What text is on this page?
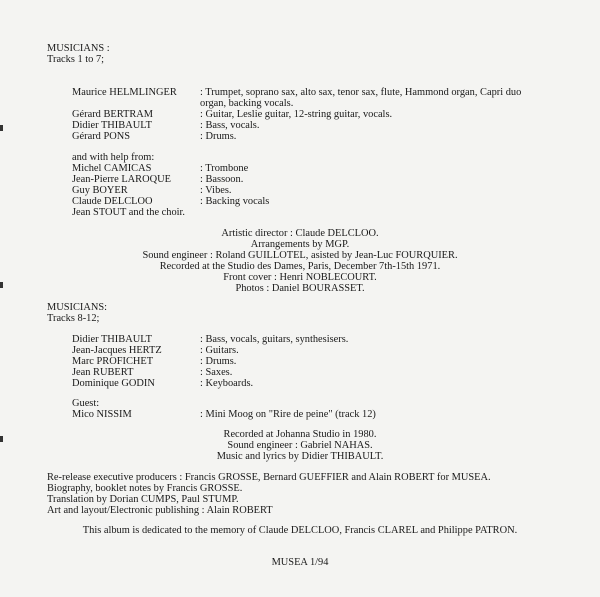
MUSICIANS :
Tracks 1 to 7;
Maurice HELMLINGER : Trumpet, soprano sax, alto sax, tenor sax, flute, Hammond organ, Capri duo organ, backing vocals.
Gérard BERTRAM	: Guitar, Leslie guitar, 12-string guitar, vocals.
Didier THIBAULT	: Bass, vocals.
Gérard PONS	: Drums.
and with help from:
Michel CAMICAS	: Trombone
Jean-Pierre LAROQUE	: Bassoon.
Guy BOYER	: Vibes.
Claude DELCLOO	: Backing vocals
Jean STOUT and the choir.
Artistic director : Claude DELCLOO.
Arrangements by MGP.
Sound engineer : Roland GUILLOTEL, asisted by Jean-Luc FOURQUIER.
Recorded at the Studio des Dames, Paris, December 7th-15th 1971.
Front cover : Henri NOBLECOURT.
Photos : Daniel BOURASSET.
MUSICIANS:
Tracks 8-12;
Didier THIBAULT	: Bass, vocals, guitars, synthesisers.
Jean-Jacques HERTZ	: Guitars.
Marc PROFICHET	: Drums.
Jean RUBERT	: Saxes.
Dominique GODIN	: Keyboards.
Guest:
Mico NISSIM	: Mini Moog on "Rire de peine" (track 12)
Recorded at Johanna Studio in 1980.
Sound engineer : Gabriel NAHAS.
Music and lyrics by Didier THIBAULT.
Re-release executive producers : Francis GROSSE, Bernard GUEFFIER and Alain ROBERT for MUSEA.
Biography, booklet notes by Francis GROSSE.
Translation by Dorian CUMPS, Paul STUMP.
Art and layout/Electronic publishing : Alain ROBERT
This album is dedicated to the memory of Claude DELCLOO, Francis CLAREL and Philippe PATRON.
MUSEA 1/94
